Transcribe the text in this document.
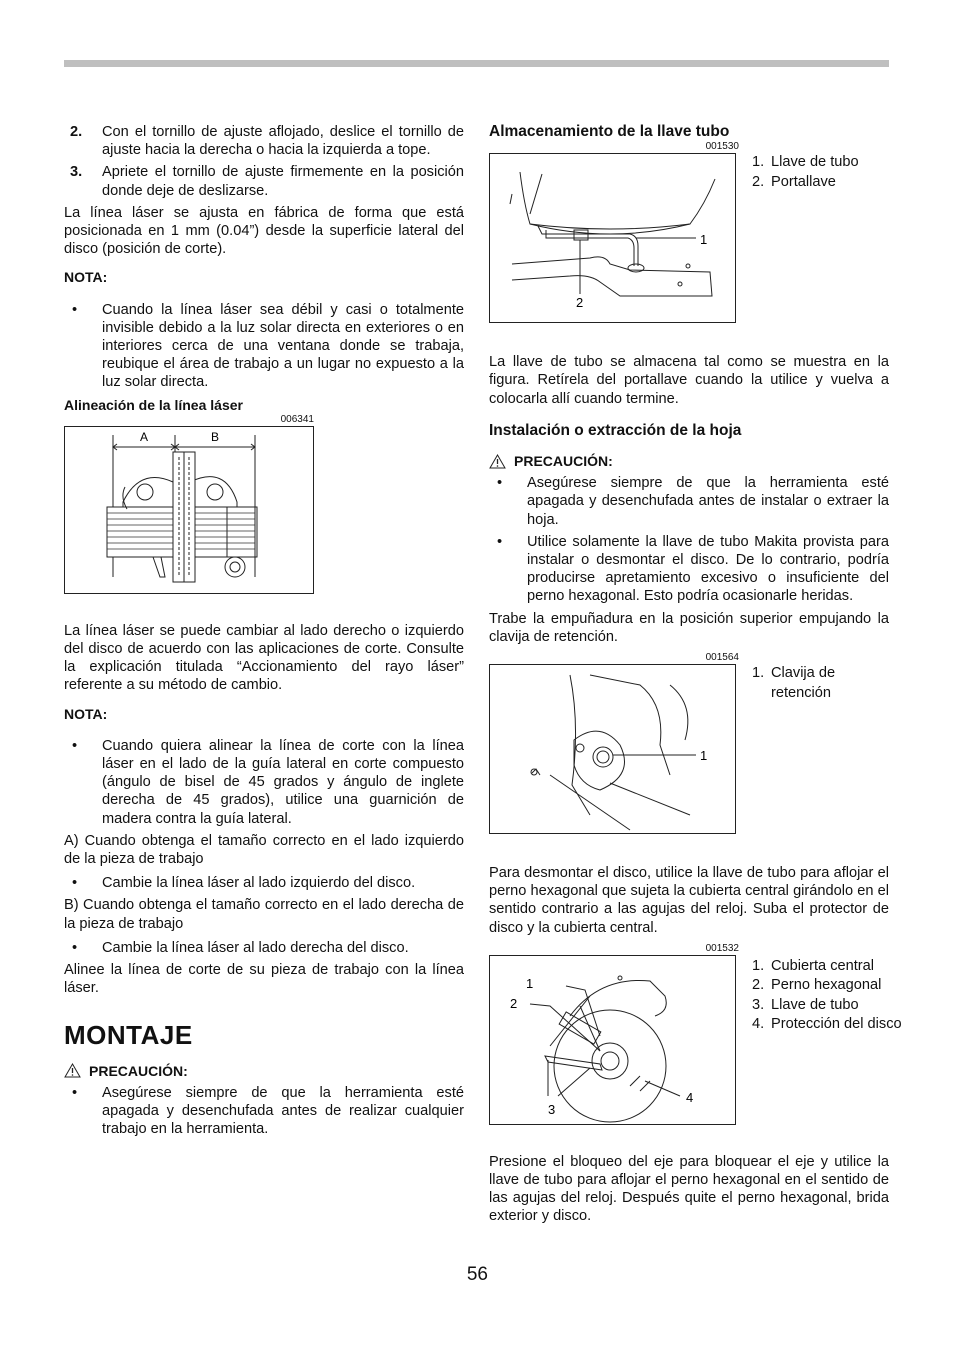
2.	Con el tornillo de ajuste aflojado, deslice el tornillo de ajuste hacia la derecha o hacia la izquierda a tope.
3.	Apriete el tornillo de ajuste firmemente en la posición donde deje de deslizarse.

La línea láser se ajusta en fábrica de forma que está posicionada en 1 mm (0.04”) desde la superficie lateral del disco (posición de corte).

NOTA:
•	Cuando la línea láser sea débil y casi o totalmente invisible debido a la luz solar directa en exteriores o en interiores cerca de una ventana donde se trabaja, reubique el área de trabajo a un lugar no expuesto a la luz solar directa.
Alineación de la línea láser
006341
A	B

La línea láser se puede cambiar al lado derecho o izquierdo del disco de acuerdo con las aplicaciones de corte. Consulte la explicación titulada “Accionamiento del rayo láser” referente a su método de cambio.

NOTA:
•	Cuando quiera alinear la línea de corte con la línea láser en el lado de la guía lateral en corte compuesto (ángulo de bisel de 45 grados y ángulo de inglete derecha de 45 grados), utilice una guarnición de madera contra la guía lateral.

A) Cuando obtenga el tamaño correcto en el lado izquierdo de la pieza de trabajo

•	Cambie la línea láser al lado izquierdo del disco.

B) Cuando obtenga el tamaño correcto en el lado derecha de la pieza de trabajo

•	Cambie la línea láser al lado derecha del disco.

Alinee la línea de corte de su pieza de trabajo con la línea láser.

MONTAJE
PRECAUCIÓN:
•	Asegúrese siempre de que la herramienta esté apagada y desenchufada antes de realizar cualquier trabajo en la herramienta.
Almacenamiento de la llave tubo
001530
1
2
1. Llave de tubo
2. Portallave

La llave de tubo se almacena tal como se muestra en la figura. Retírela del portallave cuando la utilice y vuelva a colocarla allí cuando termine.

Instalación o extracción de la hoja
PRECAUCIÓN:
•	Asegúrese siempre de que la herramienta esté apagada y desenchufada antes de instalar o extraer la hoja.
•	Utilice solamente la llave de tubo Makita provista para instalar o desmontar el disco. De lo contrario, podría producirse apretamiento excesivo o insuficiente del perno hexagonal. Esto podría ocasionarle heridas.

Trabe la empuñadura en la posición superior empujando la clavija de retención.

001564
1
1. Clavija de retención

Para desmontar el disco, utilice la llave de tubo para aflojar el perno hexagonal que sujeta la cubierta central girándolo en el sentido contrario a las agujas del reloj. Suba el protector de disco y la cubierta central.

001532
1
2
3
4
1. Cubierta central
2. Perno hexagonal
3. Llave de tubo
4. Protección del disco

Presione el bloqueo del eje para bloquear el eje y utilice la llave de tubo para aflojar el perno hexagonal en el sentido de las agujas del reloj. Después quite el perno hexagonal, brida exterior y disco.

56
